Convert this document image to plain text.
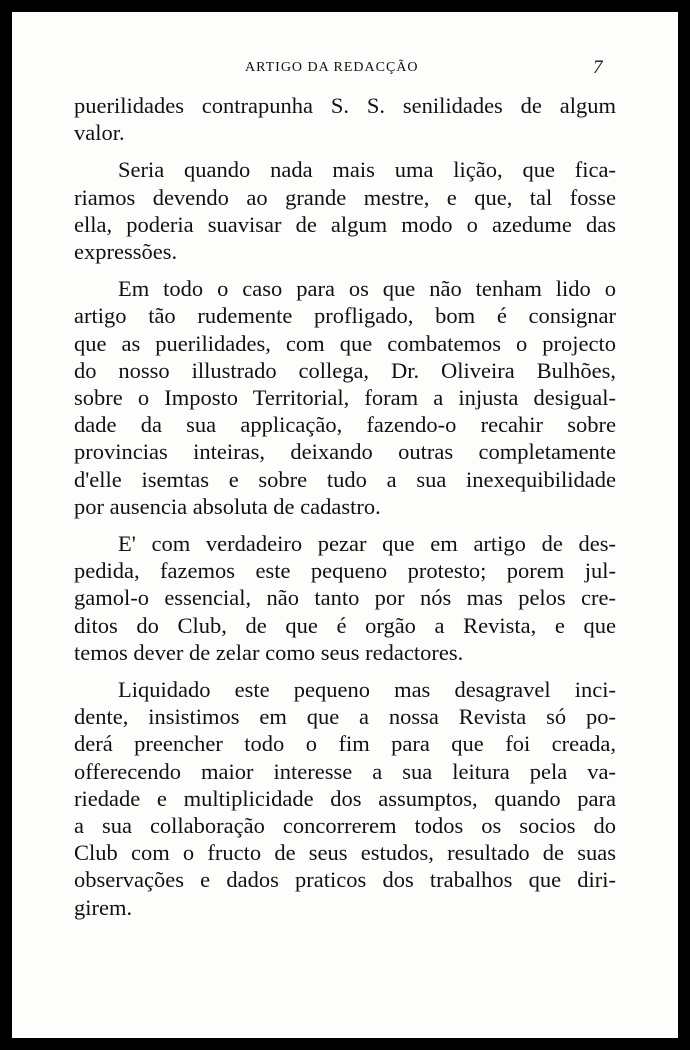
ARTIGO DA REDACÇÃO	7
puerilidades contrapunha S. S. senilidades de algum
valor.
Seria quando nada mais uma lição, que fica-
riamos devendo ao grande mestre, e que, tal fosse
ella, poderia suavisar de algum modo o azedume das
expressões.
Em todo o caso para os que não tenham lido o
artigo tão rudemente profligado, bom é consignar
que as puerilidades, com que combatemos o projecto
do nosso illustrado collega, Dr. Oliveira Bulhões,
sobre o Imposto Territorial, foram a injusta desigual-
dade da sua applicação, fazendo-o recahir sobre
provincias inteiras, deixando outras completamente
d'elle isemtas e sobre tudo a sua inexequibilidade
por ausencia absoluta de cadastro.
E' com verdadeiro pezar que em artigo de des-
pedida, fazemos este pequeno protesto; porem jul-
gamol-o essencial, não tanto por nós mas pelos cre-
ditos do Club, de que é orgão a Revista, e que
temos dever de zelar como seus redactores.
Liquidado este pequeno mas desagravel inci-
dente, insistimos em que a nossa Revista só po-
derá preencher todo o fim para que foi creada,
offerecendo maior interesse a sua leitura pela va-
riedade e multiplicidade dos assumptos, quando para
a sua collaboração concorrerem todos os socios do
Club com o fructo de seus estudos, resultado de suas
observações e dados praticos dos trabalhos que diri-
girem.
